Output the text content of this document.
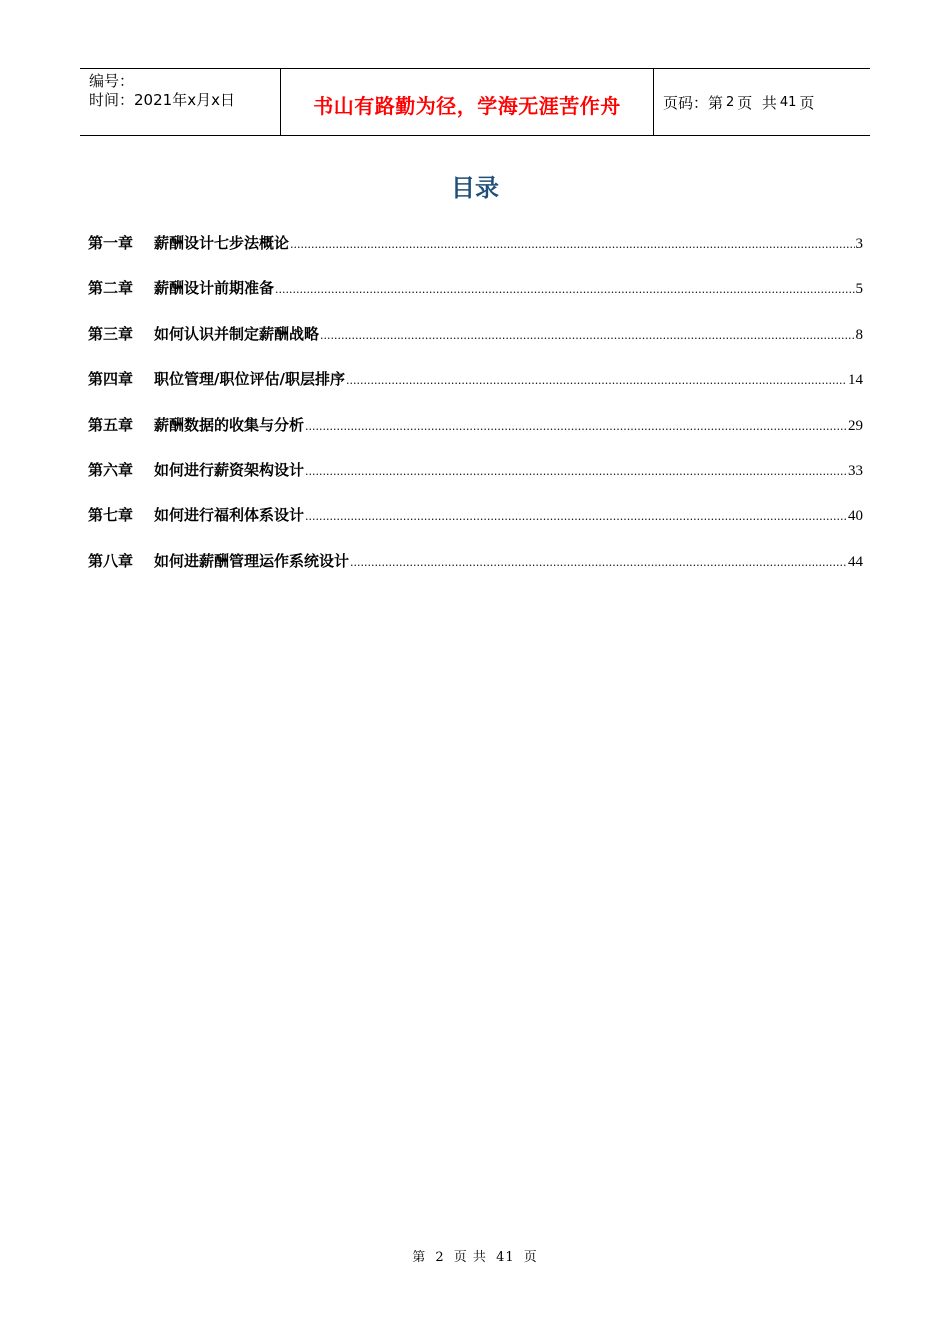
编号：
时间：2021年x月x日	书山有路勤为径，学海无涯苦作舟	页码：第 2 页  共 41 页
目录
第一章	薪酬设计七步法概论 .....	3
第二章	薪酬设计前期准备 .....	5
第三章	如何认识并制定薪酬战略 .....	8
第四章	职位管理/职位评估/职层排序 .....	14
第五章	薪酬数据的收集与分析 .....	29
第六章	如何进行薪资架构设计 .....	33
第七章	如何进行福利体系设计 .....	40
第八章	如何进薪酬管理运作系统设计 .....	44
第 2 页 共 41 页
